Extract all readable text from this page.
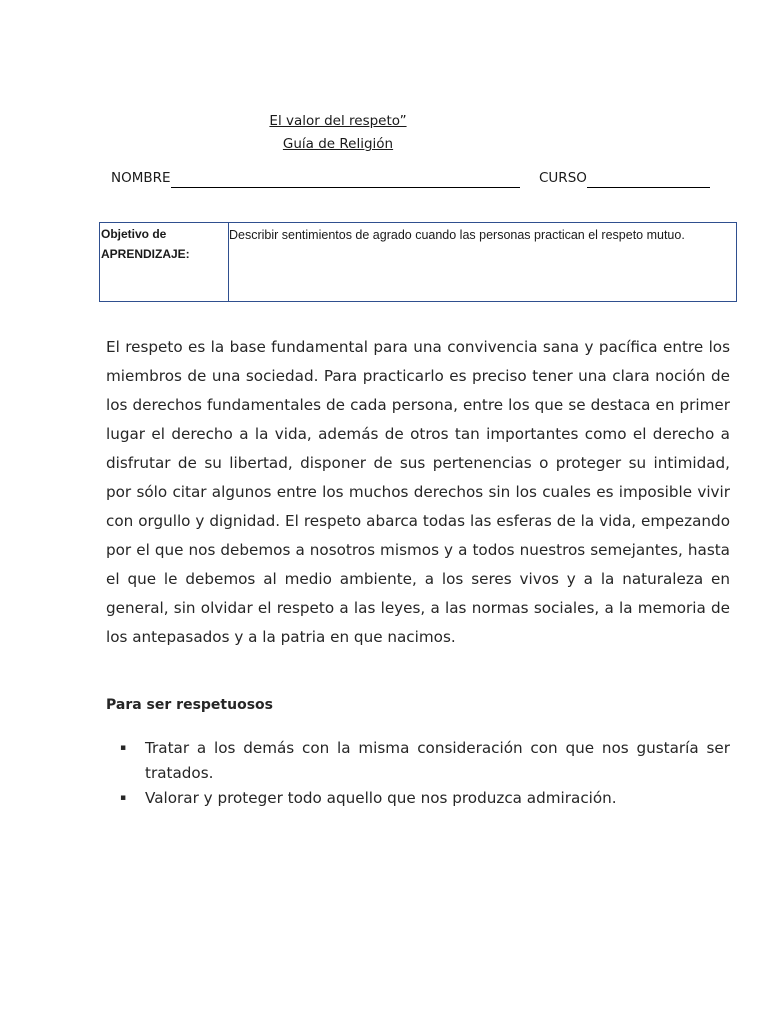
El valor del respeto”
Guía de Religión
NOMBRE	CURSO
Objetivo de APRENDIZAJE:
Describir sentimientos de agrado cuando las personas practican el respeto mutuo.

El respeto es la base fundamental para una convivencia sana y pacífica entre los miembros de una sociedad. Para practicarlo es preciso tener una clara noción de los derechos fundamentales de cada persona, entre los que se destaca en primer lugar el derecho a la vida, además de otros tan importantes como el derecho a disfrutar de su libertad, disponer de sus pertenencias o proteger su intimidad, por sólo citar algunos entre los muchos derechos sin los cuales es imposible vivir con orgullo y dignidad. El respeto abarca todas las esferas de la vida, empezando por el que nos debemos a nosotros mismos y a todos nuestros semejantes, hasta el que le debemos al medio ambiente, a los seres vivos y a la naturaleza en general, sin olvidar el respeto a las leyes, a las normas sociales, a la memoria de los antepasados y a la patria en que nacimos.

Para ser respetuosos
▪ Tratar a los demás con la misma consideración con que nos gustaría ser tratados.
▪ Valorar y proteger todo aquello que nos produzca admiración.
